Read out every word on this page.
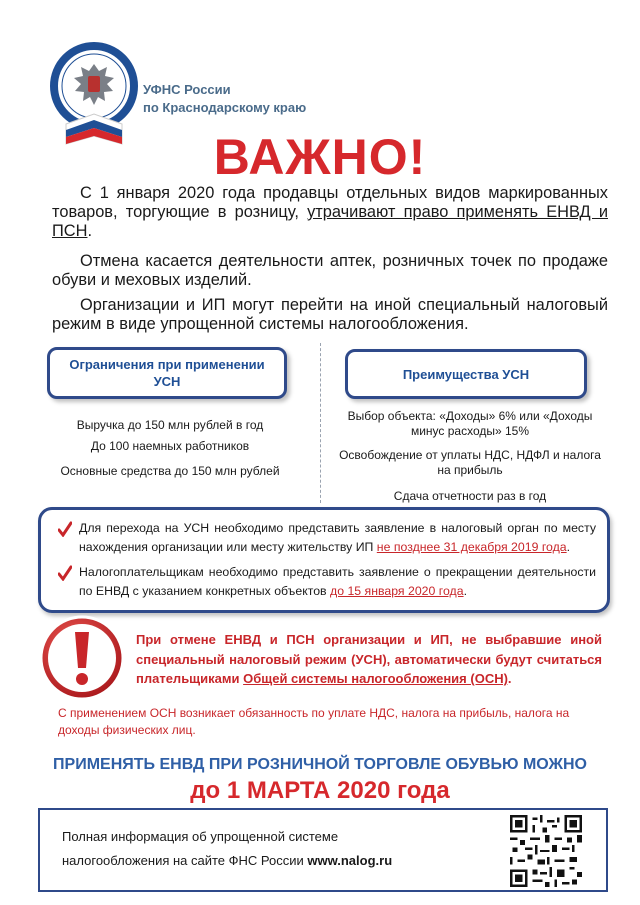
УФНС России
по Краснодарскому краю
ВАЖНО!
С 1 января 2020 года продавцы отдельных видов маркированных товаров, торгующие в розницу, утрачивают право применять ЕНВД и ПСН.
Отмена касается деятельности аптек, розничных точек по продаже обуви и меховых изделий.
Организации и ИП могут перейти на иной специальный налоговый режим в виде упрощенной системы налогообложения.
Ограничения при применении УСН	Преимущества УСН
Выручка до 150 млн рублей в год
До 100 наемных работников
Основные средства до 150 млн рублей
Выбор объекта: «Доходы» 6% или «Доходы минус расходы» 15%
Освобождение от уплаты НДС, НДФЛ и налога на прибыль
Сдача отчетности раз в год
Для перехода на УСН необходимо представить заявление в налоговый орган по месту нахождения организации или месту жительству ИП не позднее 31 декабря 2019 года.
Налогоплательщикам необходимо представить заявление о прекращении деятельности по ЕНВД с указанием конкретных объектов до 15 января 2020 года.
При отмене ЕНВД и ПСН организации и ИП, не выбравшие иной специальный налоговый режим (УСН), автоматически будут считаться плательщиками Общей системы налогообложения (ОСН).
С применением ОСН возникает обязанность по уплате НДС, налога на прибыль, налога на доходы физических лиц.
ПРИМЕНЯТЬ ЕНВД ПРИ РОЗНИЧНОЙ ТОРГОВЛЕ ОБУВЬЮ МОЖНО
до 1 МАРТА 2020 года
Полная информация об упрощенной системе
налогообложения на сайте ФНС России www.nalog.ru
